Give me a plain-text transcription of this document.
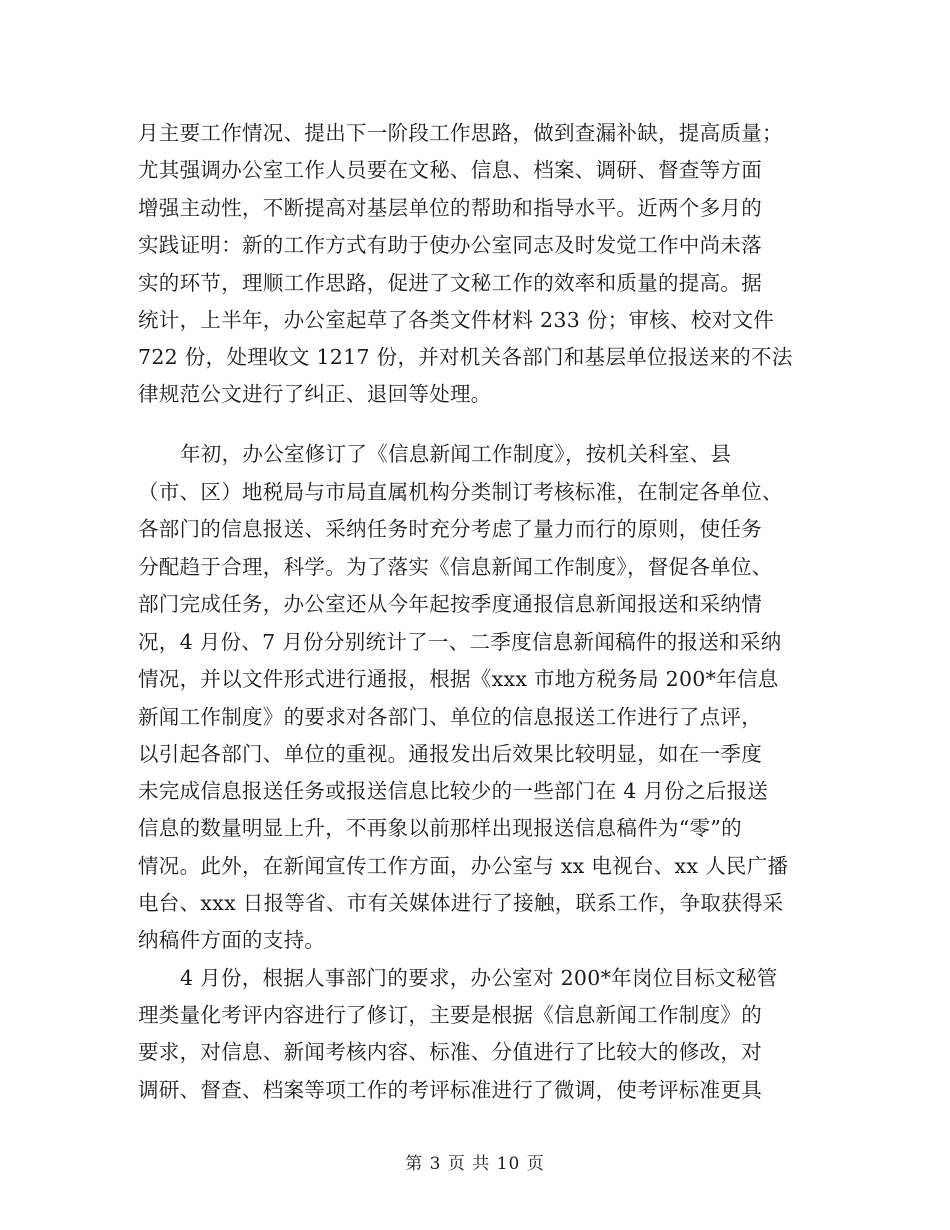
月主要工作情况、提出下一阶段工作思路，做到查漏补缺，提高质量；
尤其强调办公室工作人员要在文秘、信息、档案、调研、督查等方面
增强主动性，不断提高对基层单位的帮助和指导水平。近两个多月的
实践证明：新的工作方式有助于使办公室同志及时发觉工作中尚未落
实的环节，理顺工作思路，促进了文秘工作的效率和质量的提高。据
统计，上半年，办公室起草了各类文件材料 233 份；审核、校对文件
722 份，处理收文 1217 份，并对机关各部门和基层单位报送来的不法
律规范公文进行了纠正、退回等处理。
年初，办公室修订了《信息新闻工作制度》，按机关科室、县
（市、区）地税局与市局直属机构分类制订考核标准，在制定各单位、
各部门的信息报送、采纳任务时充分考虑了量力而行的原则，使任务
分配趋于合理，科学。为了落实《信息新闻工作制度》，督促各单位、
部门完成任务，办公室还从今年起按季度通报信息新闻报送和采纳情
况，4 月份、7 月份分别统计了一、二季度信息新闻稿件的报送和采纳
情况，并以文件形式进行通报，根据《xxx 市地方税务局 200*年信息
新闻工作制度》的要求对各部门、单位的信息报送工作进行了点评，
以引起各部门、单位的重视。通报发出后效果比较明显，如在一季度
未完成信息报送任务或报送信息比较少的一些部门在 4 月份之后报送
信息的数量明显上升，不再象以前那样出现报送信息稿件为“零”的
情况。此外，在新闻宣传工作方面，办公室与 xx 电视台、xx 人民广播
电台、xxx 日报等省、市有关媒体进行了接触，联系工作，争取获得采
纳稿件方面的支持。
4 月份，根据人事部门的要求，办公室对 200*年岗位目标文秘管
理类量化考评内容进行了修订，主要是根据《信息新闻工作制度》的
要求，对信息、新闻考核内容、标准、分值进行了比较大的修改，对
调研、督查、档案等项工作的考评标准进行了微调，使考评标准更具
第 3 页 共 10 页
